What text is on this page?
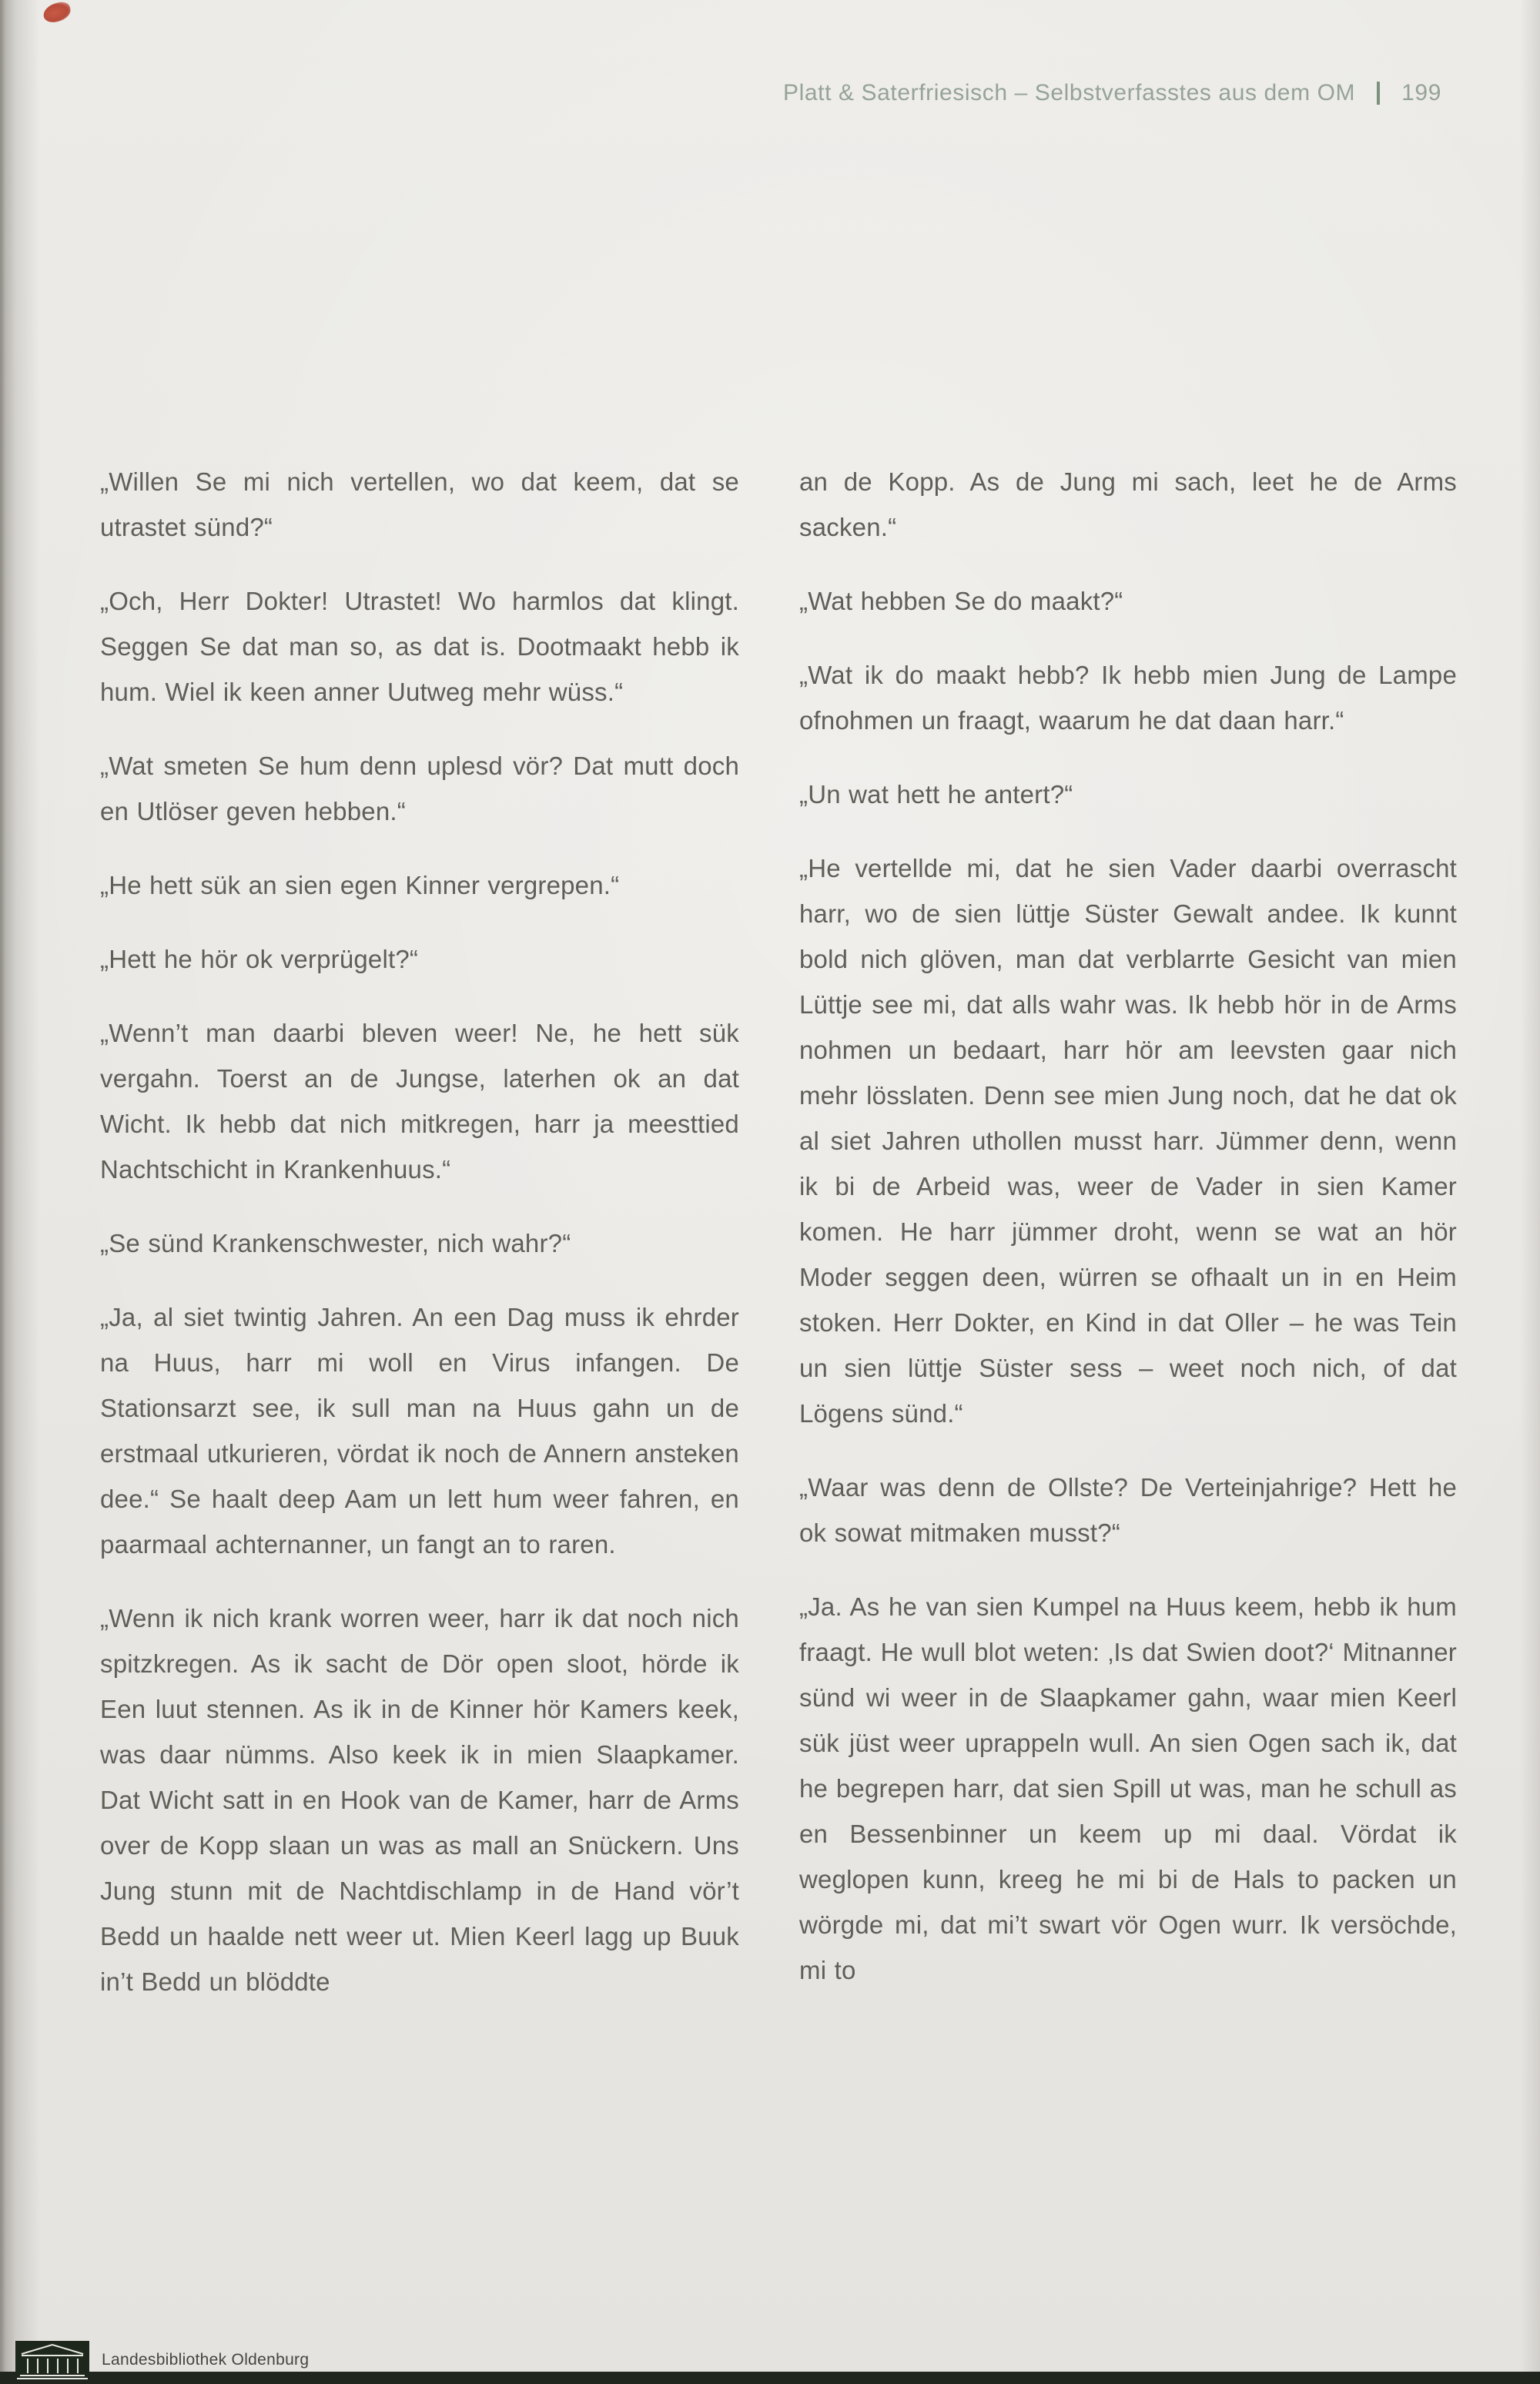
Platt & Saterfriesisch – Selbstverfasstes aus dem OM 199

„Willen Se mi nich vertellen, wo dat keem, dat se utrastet sünd?“

„Och, Herr Dokter! Utrastet! Wo harmlos dat klingt. Seggen Se dat man so, as dat is. Dootmaakt hebb ik hum. Wiel ik keen anner Uutweg mehr wüss.“

„Wat smeten Se hum denn uplesd vör? Dat mutt doch en Utlöser geven hebben.“

„He hett sük an sien egen Kinner vergrepen.“

„Hett he hör ok verprügelt?“

„Wenn’t man daarbi bleven weer! Ne, he hett sük vergahn. Toerst an de Jungse, laterhen ok an dat Wicht. Ik hebb dat nich mitkregen, harr ja meesttied Nachtschicht in Krankenhuus.“

„Se sünd Krankenschwester, nich wahr?“

„Ja, al siet twintig Jahren. An een Dag muss ik ehrder na Huus, harr mi woll en Virus infangen. De Stationsarzt see, ik sull man na Huus gahn un de erstmaal utkurieren, vördat ik noch de Annern ansteken dee.“ Se haalt deep Aam un lett hum weer fahren, en paarmaal achternanner, un fangt an to raren.

„Wenn ik nich krank worren weer, harr ik dat noch nich spitzkregen. As ik sacht de Dör open sloot, hörde ik Een luut stennen. As ik in de Kinner hör Kamers keek, was daar nümms. Also keek ik in mien Slaapkamer. Dat Wicht satt in en Hook van de Kamer, harr de Arms over de Kopp slaan un was as mall an Snückern. Uns Jung stunn mit de Nachtdischlamp in de Hand vör’t Bedd un haalde nett weer ut. Mien Keerl lagg up Buuk in’t Bedd un blöddte

an de Kopp. As de Jung mi sach, leet he de Arms sacken.“

„Wat hebben Se do maakt?“

„Wat ik do maakt hebb? Ik hebb mien Jung de Lampe ofnohmen un fraagt, waarum he dat daan harr.“

„Un wat hett he antert?“

„He vertellde mi, dat he sien Vader daarbi overrascht harr, wo de sien lüttje Süster Gewalt andee. Ik kunnt bold nich glöven, man dat verblarrte Gesicht van mien Lüttje see mi, dat alls wahr was. Ik hebb hör in de Arms nohmen un bedaart, harr hör am leevsten gaar nich mehr lösslaten. Denn see mien Jung noch, dat he dat ok al siet Jahren uthollen musst harr. Jümmer denn, wenn ik bi de Arbeid was, weer de Vader in sien Kamer komen. He harr jümmer droht, wenn se wat an hör Moder seggen deen, würren se ofhaalt un in en Heim stoken. Herr Dokter, en Kind in dat Oller – he was Tein un sien lüttje Süster sess – weet noch nich, of dat Lögens sünd.“

„Waar was denn de Ollste? De Verteinjahrige? Hett he ok sowat mitmaken musst?“

„Ja. As he van sien Kumpel na Huus keem, hebb ik hum fraagt. He wull blot weten: ‚Is dat Swien doot?‘ Mitnanner sünd wi weer in de Slaapkamer gahn, waar mien Keerl sük jüst weer uprappeln wull. An sien Ogen sach ik, dat he begrepen harr, dat sien Spill ut was, man he schull as en Bessenbinner un keem up mi daal. Vördat ik weglopen kunn, kreeg he mi bi de Hals to packen un wörgde mi, dat mi’t swart vör Ogen wurr. Ik versöchde, mi to

Landesbibliothek Oldenburg
